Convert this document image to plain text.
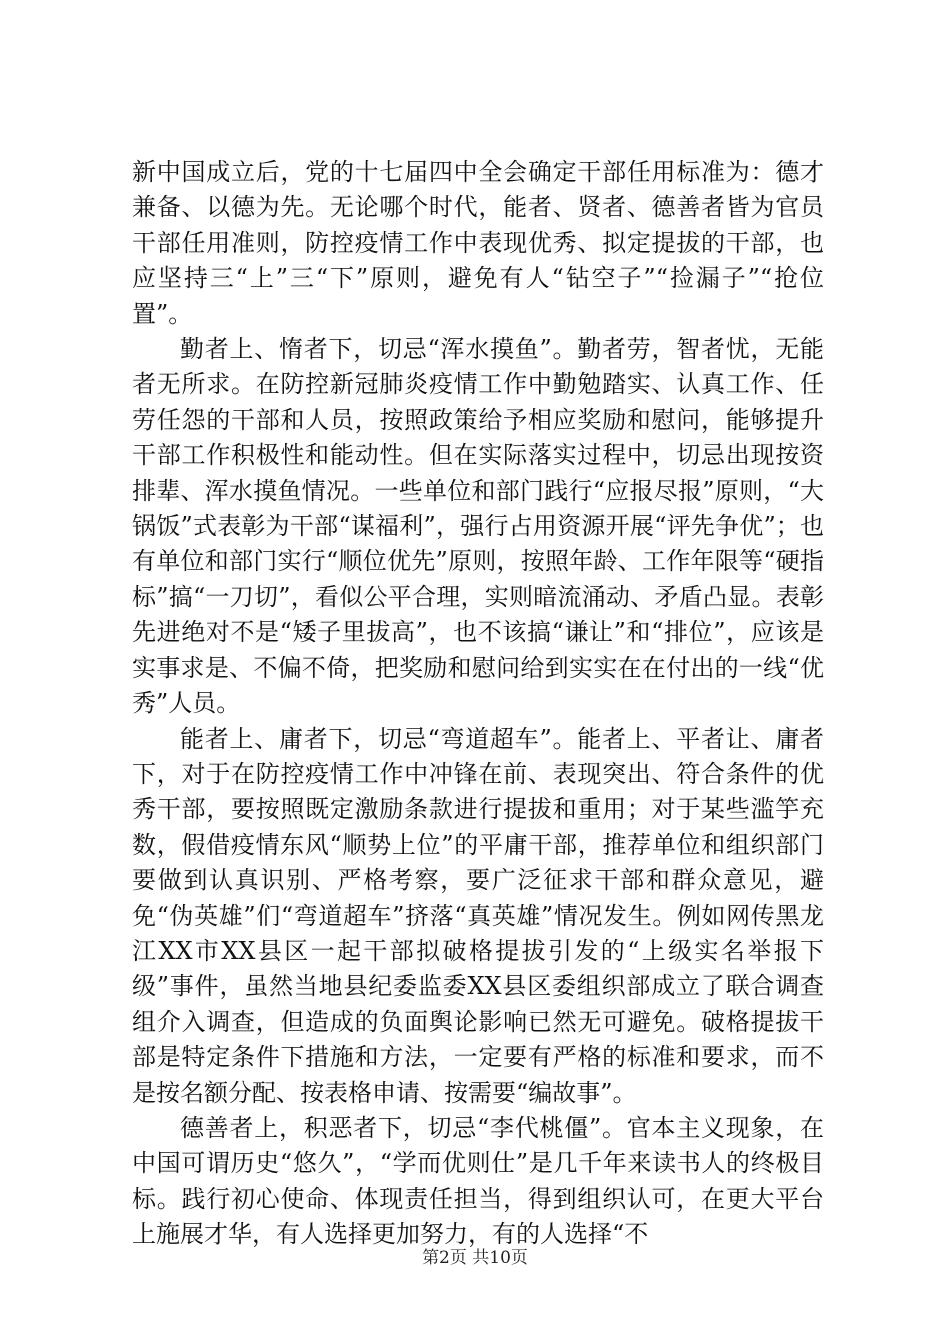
新中国成立后，党的十七届四中全会确定干部任用标准为：德才兼备、以德为先。无论哪个时代，能者、贤者、德善者皆为官员干部任用准则，防控疫情工作中表现优秀、拟定提拔的干部，也应坚持三“上”三“下”原则，避免有人“钻空子”“捡漏子”“抢位置”。

勤者上、惰者下，切忌“浑水摸鱼”。勤者劳，智者忧，无能者无所求。在防控新冠肺炎疫情工作中勤勉踏实、认真工作、任劳任怨的干部和人员，按照政策给予相应奖励和慰问，能够提升干部工作积极性和能动性。但在实际落实过程中，切忌出现按资排辈、浑水摸鱼情况。一些单位和部门践行“应报尽报”原则，“大锅饭”式表彰为干部“谋福利”，强行占用资源开展“评先争优”；也有单位和部门实行“顺位优先”原则，按照年龄、工作年限等“硬指标”搞“一刀切”，看似公平合理，实则暗流涌动、矛盾凸显。表彰先进绝对不是“矮子里拔高”，也不该搞“谦让”和“排位”，应该是实事求是、不偏不倚，把奖励和慰问给到实实在在付出的一线“优秀”人员。

能者上、庸者下，切忌“弯道超车”。能者上、平者让、庸者下，对于在防控疫情工作中冲锋在前、表现突出、符合条件的优秀干部，要按照既定激励条款进行提拔和重用；对于某些滥竽充数，假借疫情东风“顺势上位”的平庸干部，推荐单位和组织部门要做到认真识别、严格考察，要广泛征求干部和群众意见，避免“伪英雄”们“弯道超车”挤落“真英雄”情况发生。例如网传黑龙江XX市XX县区一起干部拟破格提拔引发的“上级实名举报下级”事件，虽然当地县纪委监委XX县区委组织部成立了联合调查组介入调查，但造成的负面舆论影响已然无可避免。破格提拔干部是特定条件下措施和方法，一定要有严格的标准和要求，而不是按名额分配、按表格申请、按需要“编故事”。

德善者上，积恶者下，切忌“李代桃僵”。官本主义现象，在中国可谓历史“悠久”，“学而优则仕”是几千年来读书人的终极目标。践行初心使命、体现责任担当，得到组织认可，在更大平台上施展才华，有人选择更加努力，有的人选择“不

第2页 共10页
